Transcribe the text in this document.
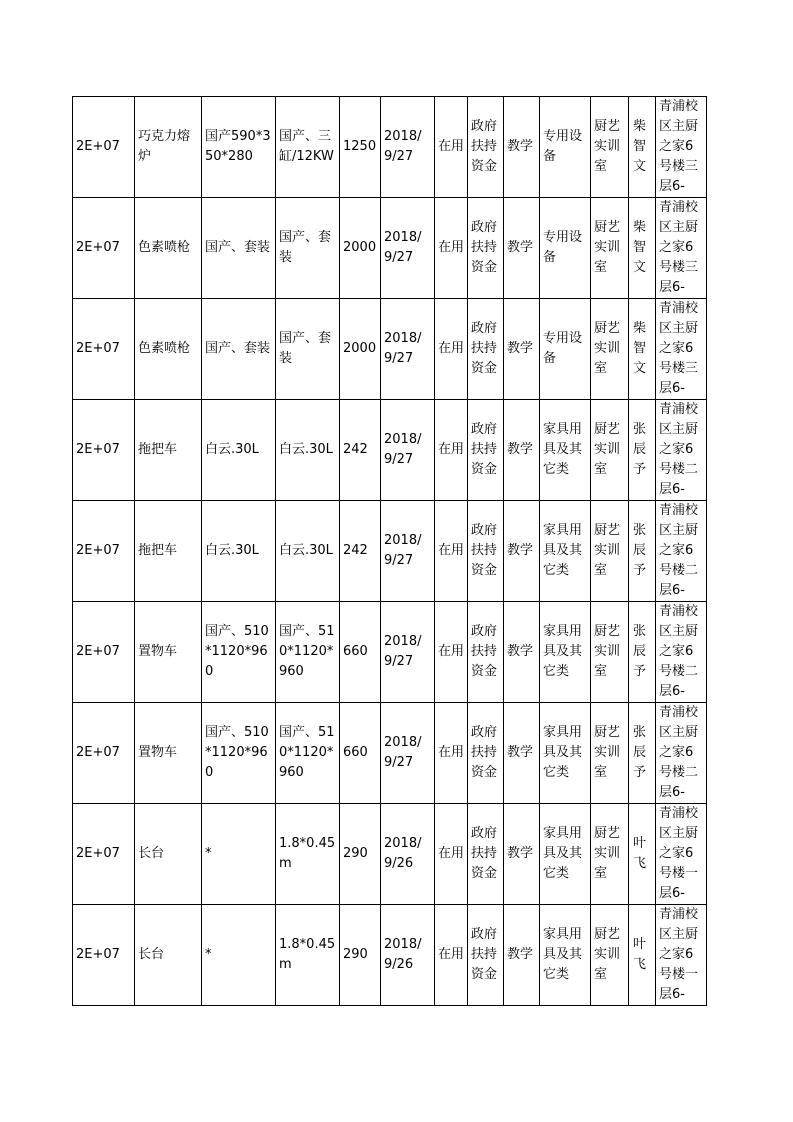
2E+07	巧克力熔炉	国产590*350*280	国产、三缸/12KW	1250	2018/9/27	在用	政府扶持资金	教学	专用设备	厨艺实训室	柴智文	青浦校区主厨之家6号楼三层6-
2E+07	色素喷枪	国产、套装	国产、套装	2000	2018/9/27	在用	政府扶持资金	教学	专用设备	厨艺实训室	柴智文	青浦校区主厨之家6号楼三层6-
2E+07	色素喷枪	国产、套装	国产、套装	2000	2018/9/27	在用	政府扶持资金	教学	专用设备	厨艺实训室	柴智文	青浦校区主厨之家6号楼三层6-
2E+07	拖把车	白云.30L	白云.30L	242	2018/9/27	在用	政府扶持资金	教学	家具用具及其它类	厨艺实训室	张辰予	青浦校区主厨之家6号楼二层6-
2E+07	拖把车	白云.30L	白云.30L	242	2018/9/27	在用	政府扶持资金	教学	家具用具及其它类	厨艺实训室	张辰予	青浦校区主厨之家6号楼二层6-
2E+07	置物车	国产、510*1120*960	国产、510*1120*960	660	2018/9/27	在用	政府扶持资金	教学	家具用具及其它类	厨艺实训室	张辰予	青浦校区主厨之家6号楼二层6-
2E+07	置物车	国产、510*1120*960	国产、510*1120*960	660	2018/9/27	在用	政府扶持资金	教学	家具用具及其它类	厨艺实训室	张辰予	青浦校区主厨之家6号楼二层6-
2E+07	长台	*	1.8*0.45m	290	2018/9/26	在用	政府扶持资金	教学	家具用具及其它类	厨艺实训室	叶飞	青浦校区主厨之家6号楼一层6-
2E+07	长台	*	1.8*0.45m	290	2018/9/26	在用	政府扶持资金	教学	家具用具及其它类	厨艺实训室	叶飞	青浦校区主厨之家6号楼一层6-
